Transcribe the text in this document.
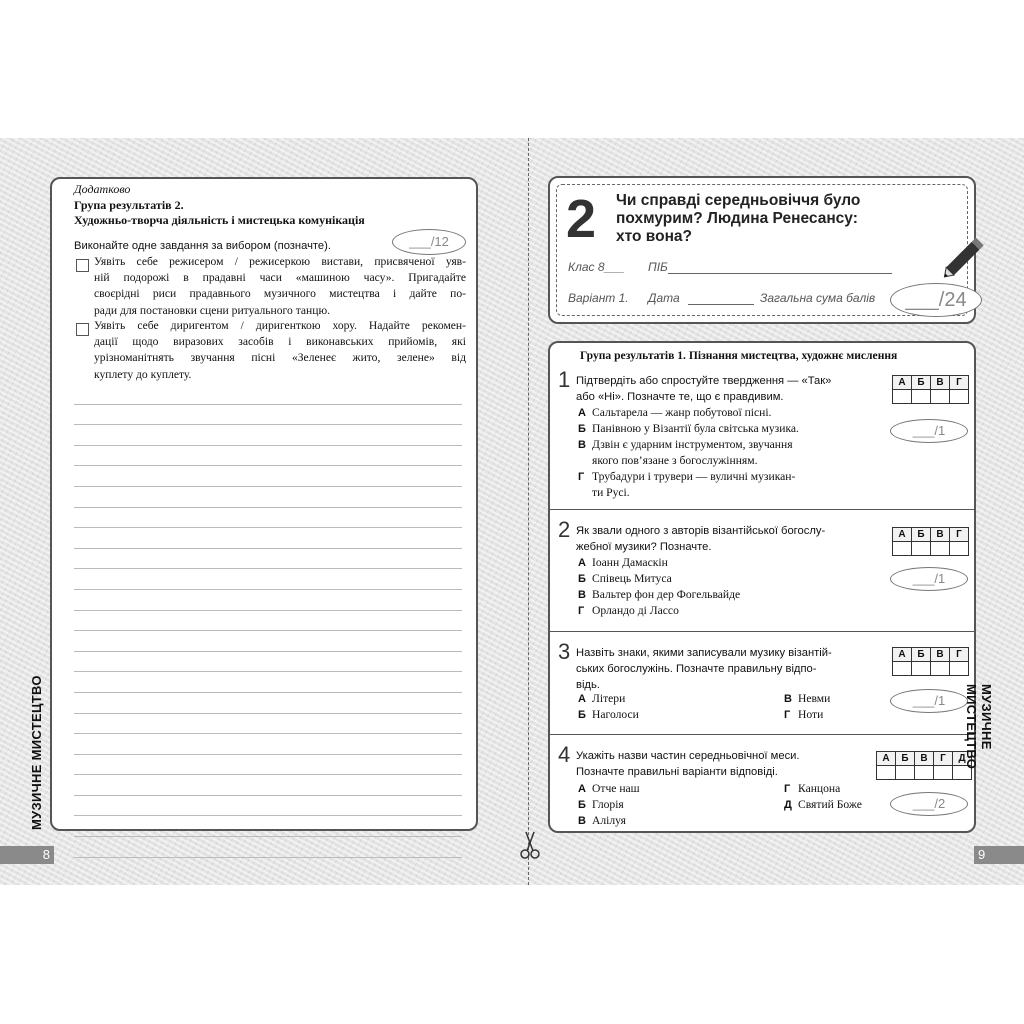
Додатково
Група результатів 2.
Художньо-творча діяльність і мистецька комунікація
Виконайте одне завдання за вибором (позначте).	___/12
Уявіть себе режисером / режисеркою вистави, присвяченої уяв-
ній подорожі в прадавні часи «машиною часу». Пригадайте
своєрідні риси прадавнього музичного мистецтва і дайте по-
ради для постановки сцени ритуального танцю.
Уявіть себе диригентом / диригенткою хору. Надайте рекомен-
дації щодо виразових засобів і виконавських прийомів, які
урізноманітнять звучання пісні «Зеленеє жито, зелене» від
куплету до куплету.
МУЗИЧНЕ МИСТЕЦТВО
8
2 Чи справді середньовіччя було
похмурим? Людина Ренесансу:
хто вона?
Клас 8___ ПІБ
Варіант 1. Дата	Загальна сума балів	___/24
Група результатів 1. Пізнання мистецтва, художнє мислення
1 Підтвердіть або спростуйте твердження — «Так»
або «Ні». Позначте те, що є правдивим.
А	Б	В	Г
___/1
А Сальтарела — жанр побутової пісні.
Б Панівною у Візантії була світська музика.
В Дзвін є ударним інструментом, звучання
якого пов’язане з богослужінням.
Г Трубадури і трувери — вуличні музикан-
ти Русі.
2 Як звали одного з авторів візантійської богослу-
жебної музики? Позначте.
А	Б	В	Г
___/1
А Іоанн Дамаскін
Б Співець Митуса
В Вальтер фон дер Фогельвайде
Г Орландо ді Лассо
3 Назвіть знаки, якими записували музику візантій-
ських богослужінь. Позначте правильну відпо-
відь.
А	Б	В	Г
___/1
А Літери	В Невми
Б Наголоси	Г Ноти
4 Укажіть назви частин середньовічної меси.
Позначте правильні варіанти відповіді.
А	Б	В	Г	Д
___/2
А Отче наш	Г Канцона
Б Глорія	Д Святий Боже
В Алілуя
МУЗИЧНЕ МИСТЕЦТВО
9
